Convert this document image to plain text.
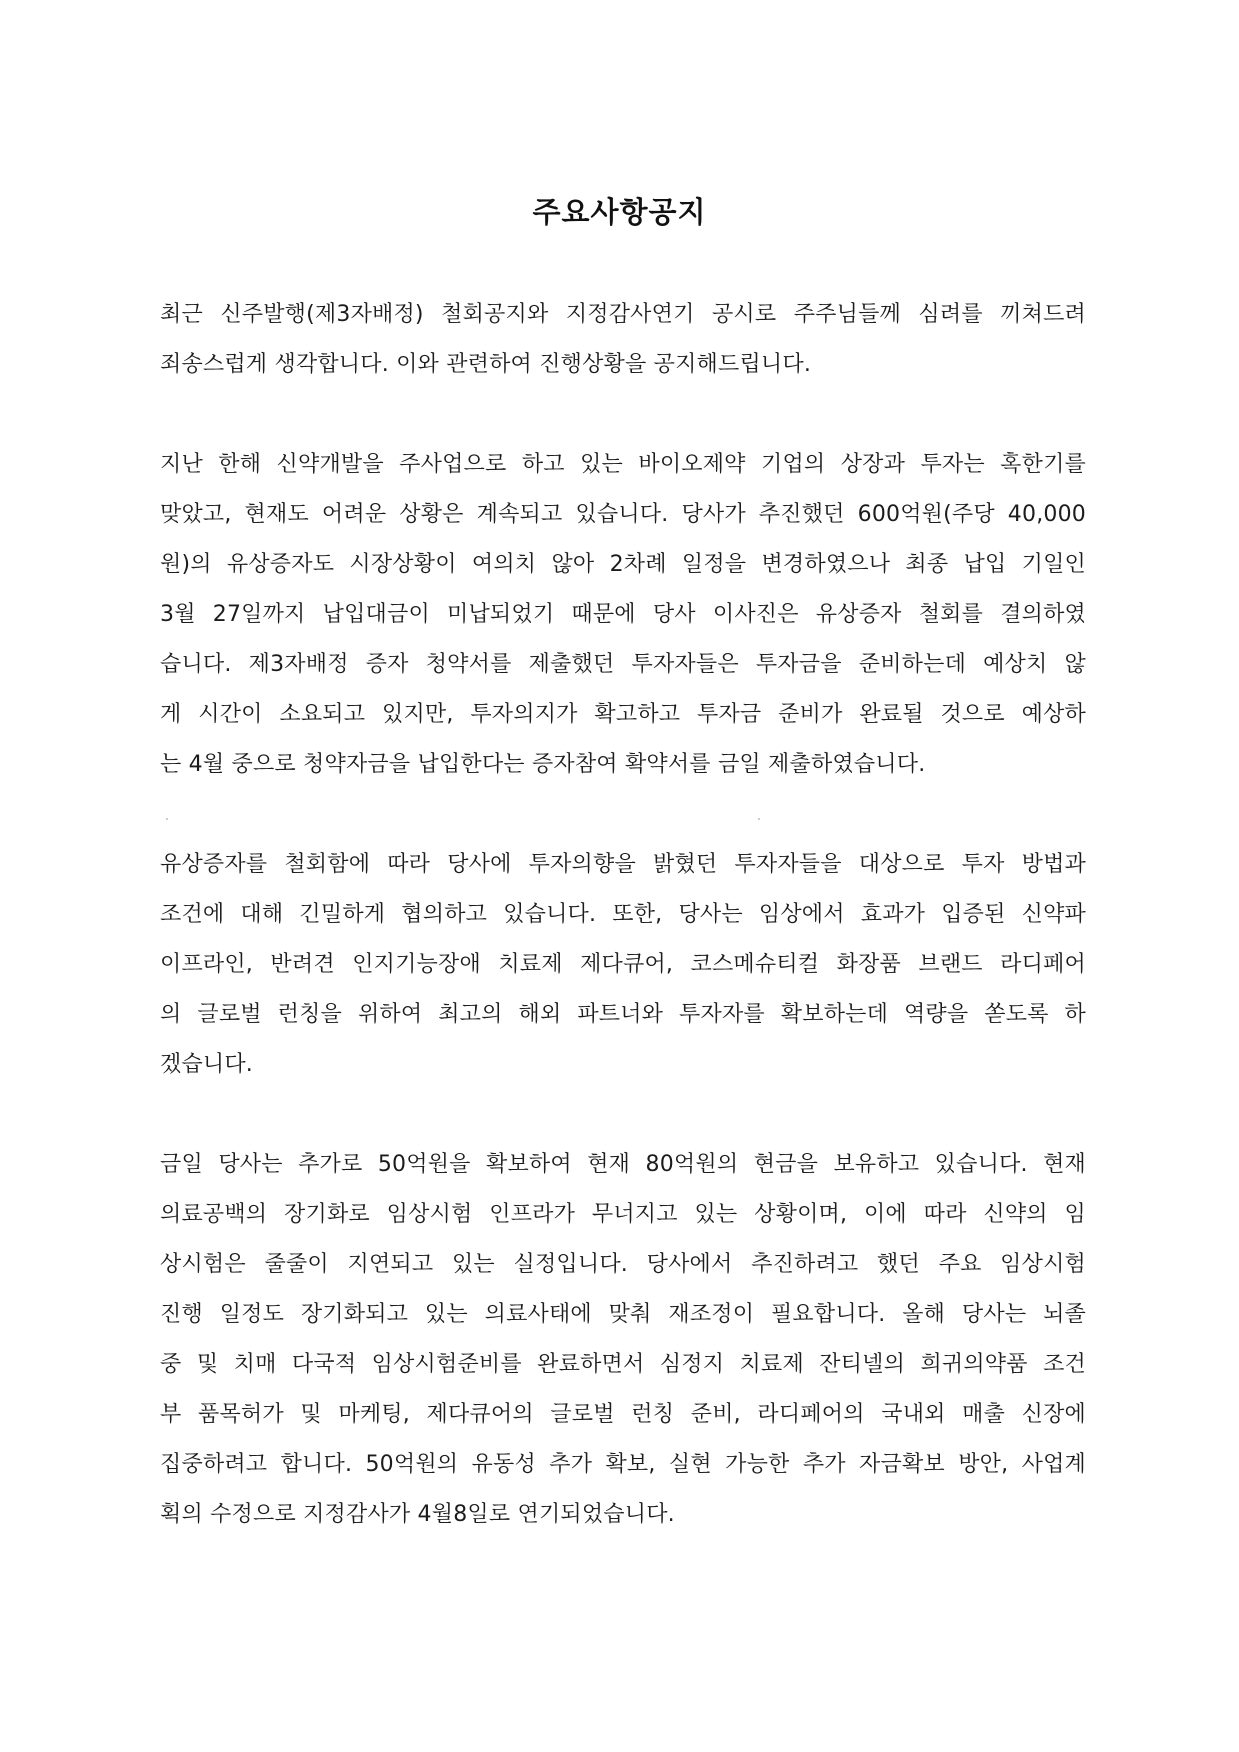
주요사항공지
최근 신주발행(제3자배정) 철회공지와 지정감사연기 공시로 주주님들께 심려를 끼쳐드려
죄송스럽게 생각합니다. 이와 관련하여 진행상황을 공지해드립니다.
지난 한해 신약개발을 주사업으로 하고 있는 바이오제약 기업의 상장과 투자는 혹한기를
맞았고, 현재도 어려운 상황은 계속되고 있습니다. 당사가 추진했던 600억원(주당 40,000
원)의 유상증자도 시장상황이 여의치 않아 2차례 일정을 변경하였으나 최종 납입 기일인
3월 27일까지 납입대금이 미납되었기 때문에 당사 이사진은 유상증자 철회를 결의하였
습니다. 제3자배정 증자 청약서를 제출했던 투자자들은 투자금을 준비하는데 예상치 않
게 시간이 소요되고 있지만, 투자의지가 확고하고 투자금 준비가 완료될 것으로 예상하
는 4월 중으로 청약자금을 납입한다는 증자참여 확약서를 금일 제출하였습니다.
유상증자를 철회함에 따라 당사에 투자의향을 밝혔던 투자자들을 대상으로 투자 방법과
조건에 대해 긴밀하게 협의하고 있습니다. 또한, 당사는 임상에서 효과가 입증된 신약파
이프라인, 반려견 인지기능장애 치료제 제다큐어, 코스메슈티컬 화장품 브랜드 라디페어
의 글로벌 런칭을 위하여 최고의 해외 파트너와 투자자를 확보하는데 역량을 쏟도록 하
겠습니다.
금일 당사는 추가로 50억원을 확보하여 현재 80억원의 현금을 보유하고 있습니다. 현재
의료공백의 장기화로 임상시험 인프라가 무너지고 있는 상황이며, 이에 따라 신약의 임
상시험은 줄줄이 지연되고 있는 실정입니다. 당사에서 추진하려고 했던 주요 임상시험
진행 일정도 장기화되고 있는 의료사태에 맞춰 재조정이 필요합니다. 올해 당사는 뇌졸
중 및 치매 다국적 임상시험준비를 완료하면서 심정지 치료제 잔티넬의 희귀의약품 조건
부 품목허가 및 마케팅, 제다큐어의 글로벌 런칭 준비, 라디페어의 국내외 매출 신장에
집중하려고 합니다. 50억원의 유동성 추가 확보, 실현 가능한 추가 자금확보 방안, 사업계
획의 수정으로 지정감사가 4월8일로 연기되었습니다.
